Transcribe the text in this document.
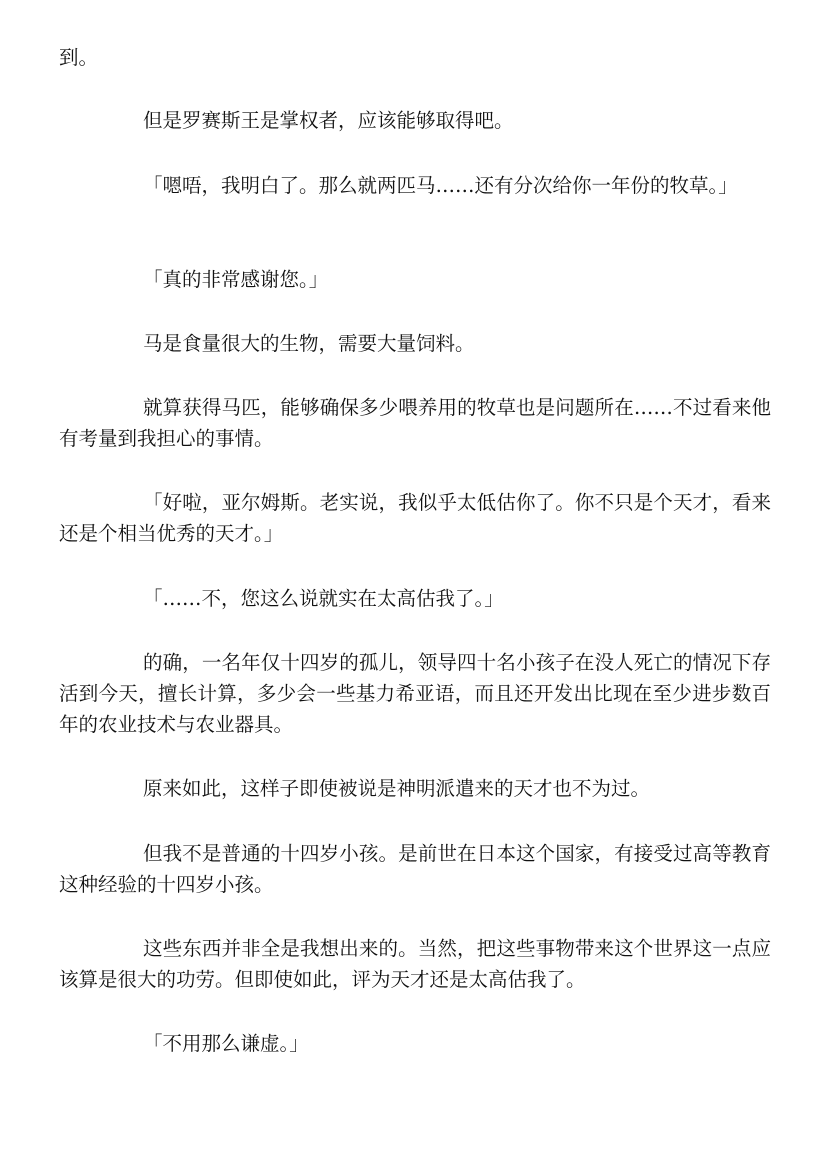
到。

但是罗赛斯王是掌权者，应该能够取得吧。

「嗯唔，我明白了。那么就两匹马……还有分次给你一年份的牧草。」

「真的非常感谢您。」

马是食量很大的生物，需要大量饲料。

就算获得马匹，能够确保多少喂养用的牧草也是问题所在……不过看来他有考量到我担心的事情。

「好啦，亚尔姆斯。老实说，我似乎太低估你了。你不只是个天才，看来还是个相当优秀的天才。」

「……不，您这么说就实在太高估我了。」

的确，一名年仅十四岁的孤儿，领导四十名小孩子在没人死亡的情况下存活到今天，擅长计算，多少会一些基力希亚语，而且还开发出比现在至少进步数百年的农业技术与农业器具。

原来如此，这样子即使被说是神明派遣来的天才也不为过。

但我不是普通的十四岁小孩。是前世在日本这个国家，有接受过高等教育这种经验的十四岁小孩。

这些东西并非全是我想出来的。当然，把这些事物带来这个世界这一点应该算是很大的功劳。但即使如此，评为天才还是太高估我了。

「不用那么谦虚。」
